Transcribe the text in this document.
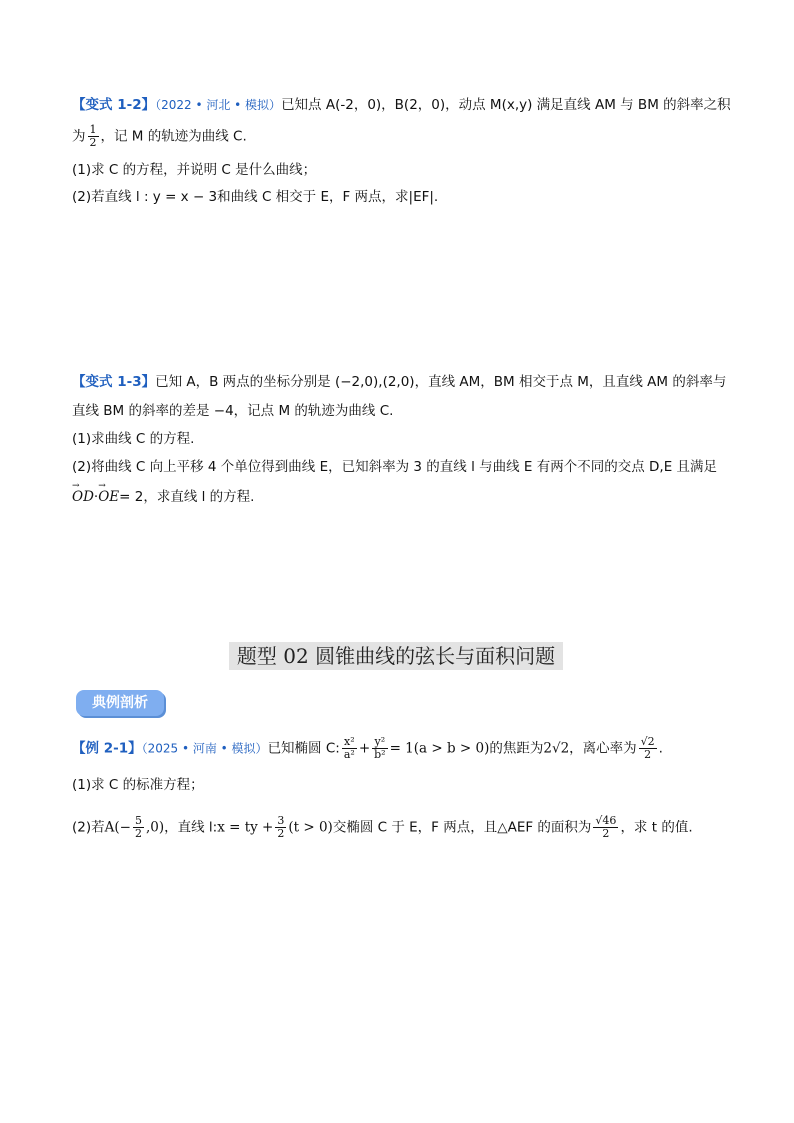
【变式 1-2】（2022 • 河北 • 模拟）已知点 A(-2，0)，B(2，0)，动点 M(x,y) 满足直线 AM 与 BM 的斜率之积
为 $\frac{1}{2}$ ，记 M 的轨迹为曲线 C.
(1)求 C 的方程，并说明 C 是什么曲线；
(2)若直线 l : y = x − 3和曲线 C 相交于 E，F 两点，求|EF|.
【变式 1-3】已知 A，B 两点的坐标分别是 (−2,0),(2,0)，直线 AM，BM 相交于点 M，且直线 AM 的斜率与
直线 BM 的斜率的差是 −4，记点 M 的轨迹为曲线 C.
(1)求曲线 C 的方程.
(2)将曲线 C 向上平移 4 个单位得到曲线 E，已知斜率为 3 的直线 l 与曲线 E 有两个不同的交点 D,E 且满足
→ OD·→ OE= 2，求直线 l 的方程.
题型 02 圆锥曲线的弦长与面积问题
典例剖析
【例 2-1】（2025 • 河南 • 模拟）已知椭圆 C: $\frac{\text{x²}}{\text{a²}} + \frac{\text{y²}}{\text{b²}} = 1(a > b > 0)$的焦距为2√2，离心率为 $\frac{√2}{2}$ .
(1)求 C 的标准方程；
(2)若$A(- \frac{5}{2} ,0)$，直线 l:x = ty + $\frac{3}{2} (t > 0)$交椭圆 C 于 E，F 两点，且△AEF 的面积为 $\frac{√46}{2}$ ，求 t 的值.
